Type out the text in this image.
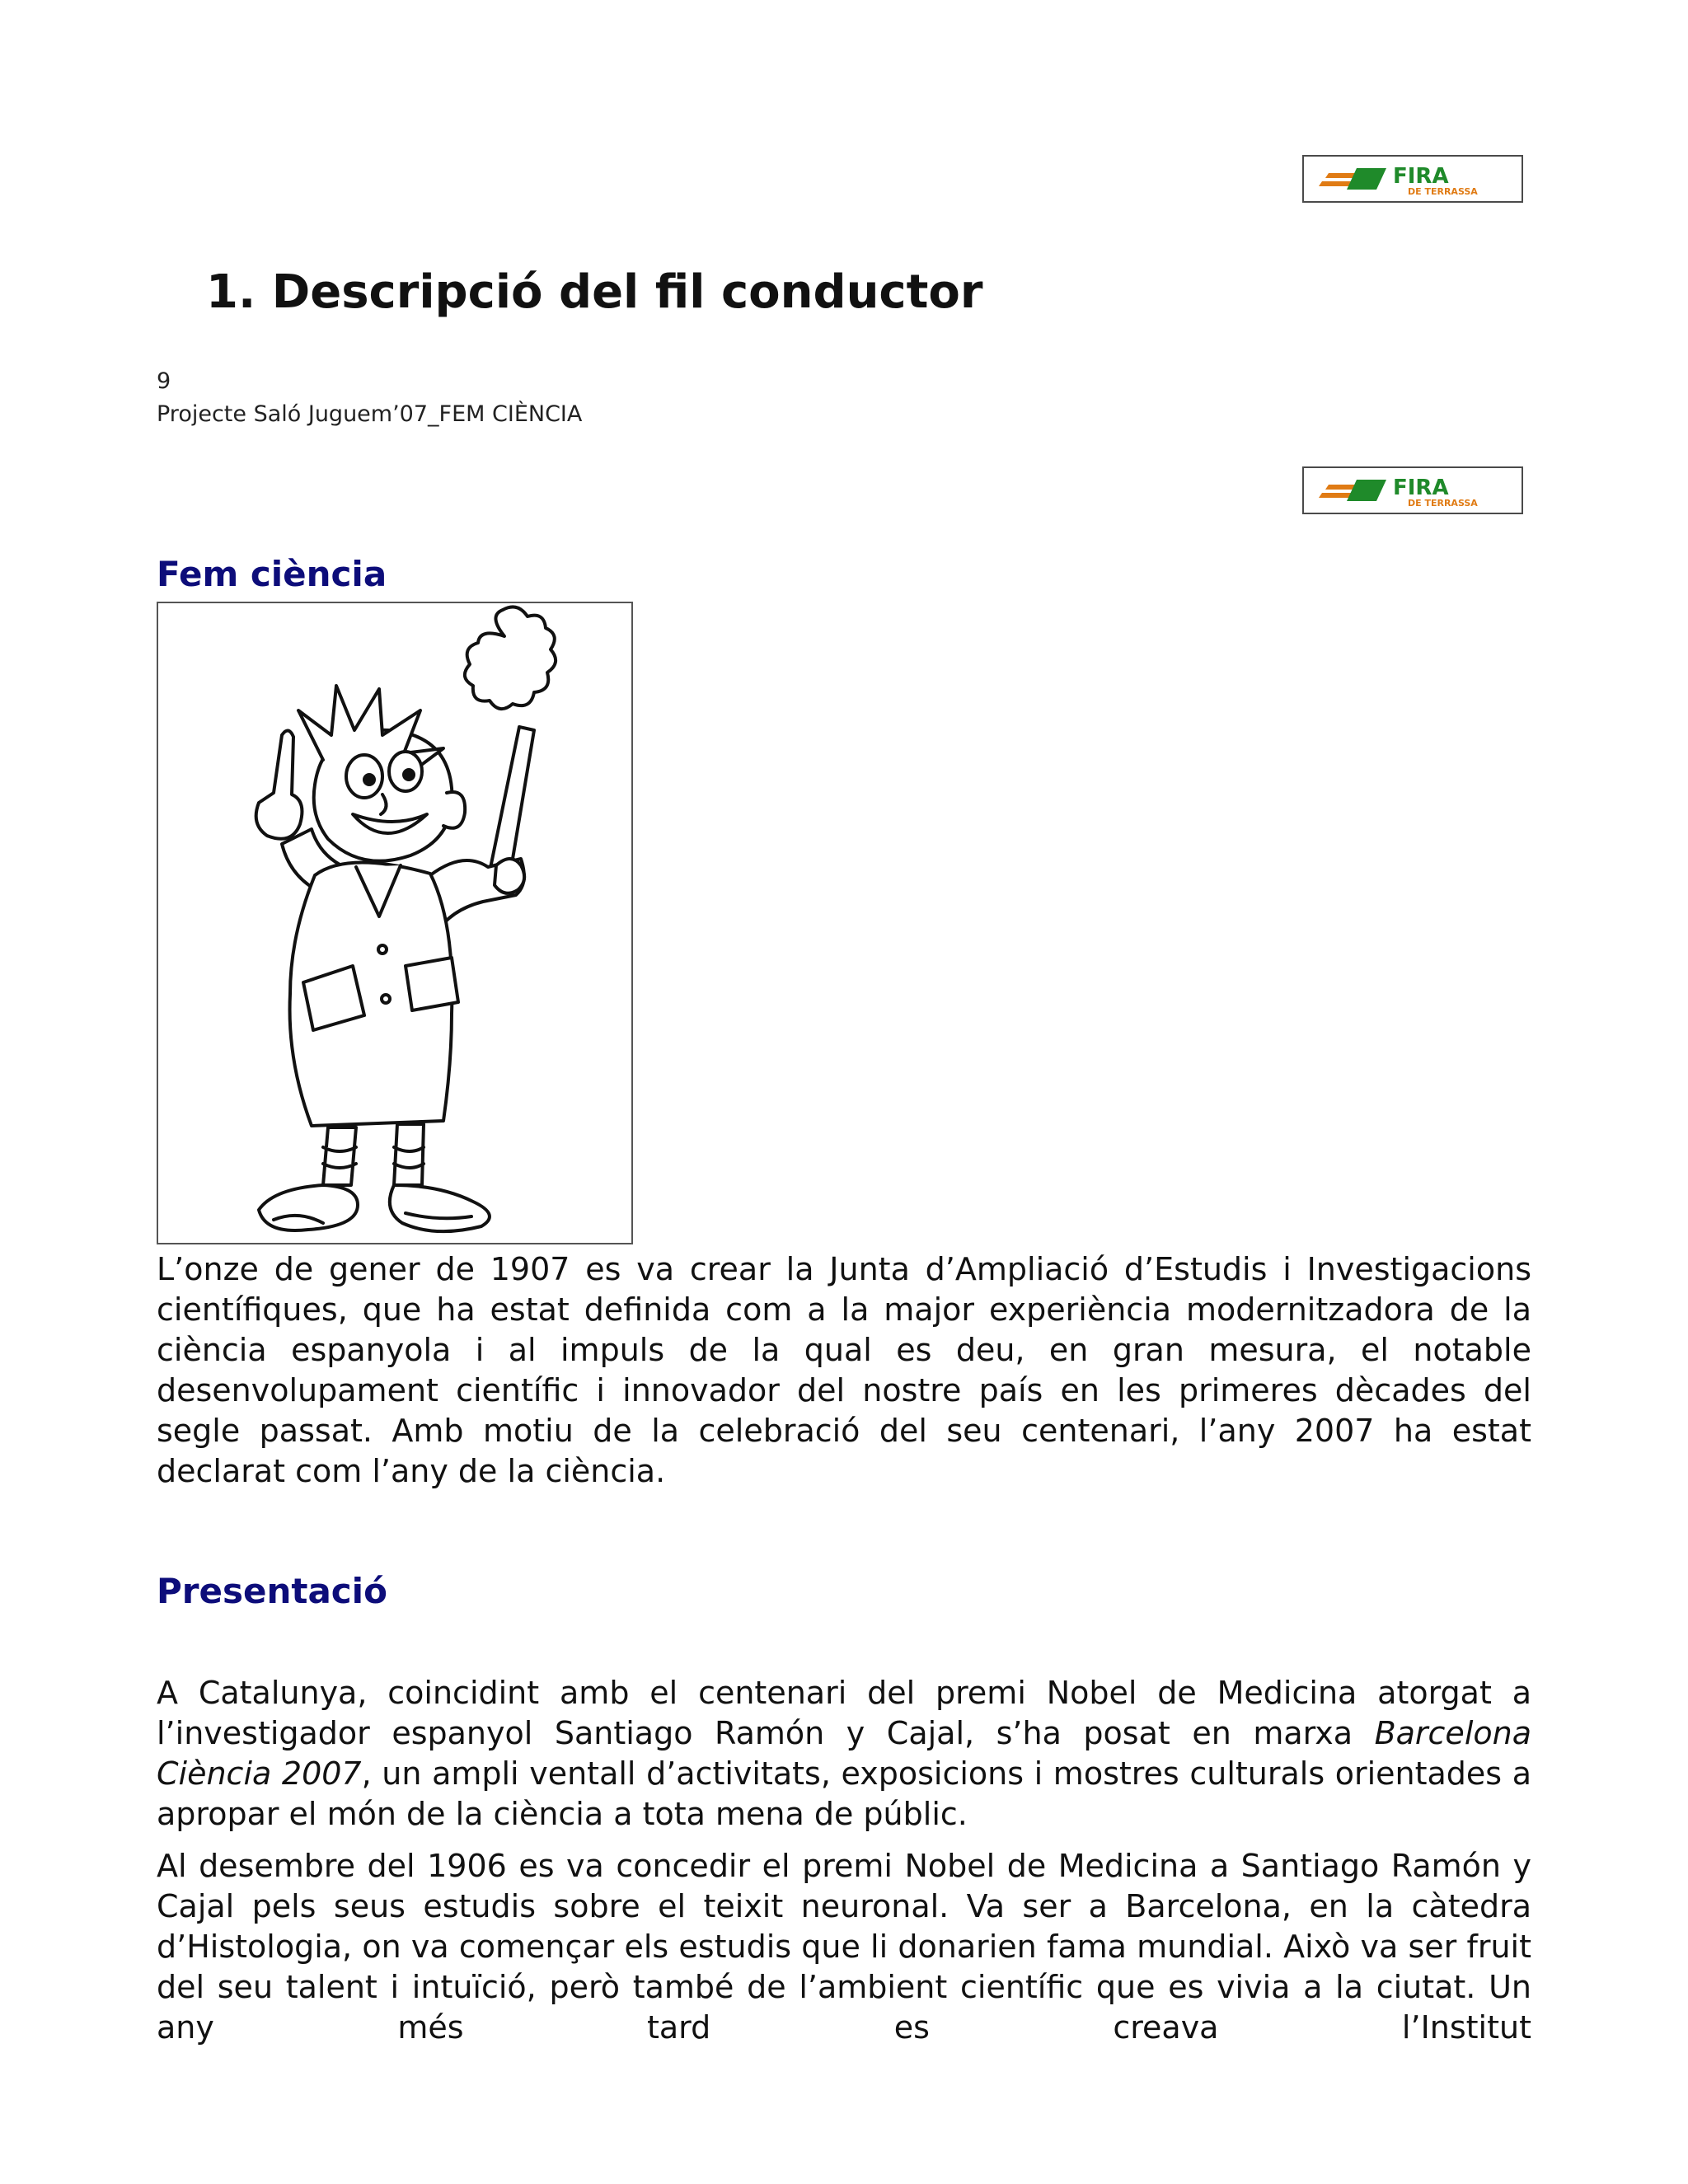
FIRA
DE TERRASSA
1. Descripció del fil conductor
9
Projecte Saló Juguem’07_FEM CIÈNCIA
FIRA
DE TERRASSA
Fem ciència

L’onze de gener de 1907 es va crear la Junta d’Ampliació d’Estudis i Investigacions científiques, que ha estat definida com a la major experiència modernitzadora de la ciència espanyola i al impuls de la qual es deu, en gran mesura, el notable desenvolupament científic i innovador del nostre país en les primeres dècades del segle passat. Amb motiu de la celebració del seu centenari, l’any 2007 ha estat declarat com l’any de la ciència.

Presentació

A Catalunya, coincidint amb el centenari del premi Nobel de Medicina atorgat a l’investigador espanyol Santiago Ramón y Cajal, s’ha posat en marxa Barcelona Ciència 2007, un ampli ventall d’activitats, exposicions i mostres culturals orientades a apropar el món de la ciència a tota mena de públic.

Al desembre del 1906 es va concedir el premi Nobel de Medicina a Santiago Ramón y Cajal pels seus estudis sobre el teixit neuronal. Va ser a Barcelona, en la càtedra d’Histologia, on va començar els estudis que li donarien fama mundial. Això va ser fruit del seu talent i intuïció, però també de l’ambient científic que es vivia a la ciutat. Un any més tard es creava l’Institut
